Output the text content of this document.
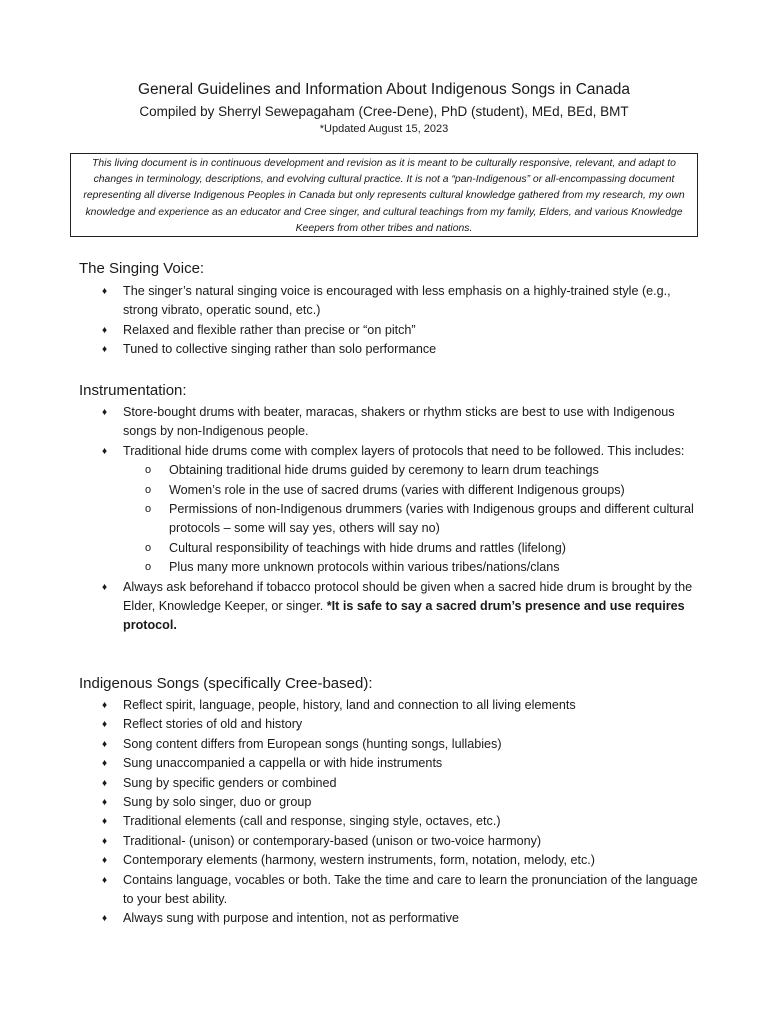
General Guidelines and Information About Indigenous Songs in Canada
Compiled by Sherryl Sewepagaham (Cree-Dene), PhD (student), MEd, BEd, BMT
*Updated August 15, 2023
This living document is in continuous development and revision as it is meant to be culturally responsive, relevant, and adapt to changes in terminology, descriptions, and evolving cultural practice. It is not a “pan-Indigenous” or all-encompassing document representing all diverse Indigenous Peoples in Canada but only represents cultural knowledge gathered from my research, my own knowledge and experience as an educator and Cree singer, and cultural teachings from my family, Elders, and various Knowledge Keepers from other tribes and nations.
The Singing Voice:
♦ The singer’s natural singing voice is encouraged with less emphasis on a highly-trained style (e.g., strong vibrato, operatic sound, etc.)
♦ Relaxed and flexible rather than precise or “on pitch”
♦ Tuned to collective singing rather than solo performance
Instrumentation:
♦ Store-bought drums with beater, maracas, shakers or rhythm sticks are best to use with Indigenous songs by non-Indigenous people.
♦ Traditional hide drums come with complex layers of protocols that need to be followed. This includes:
o Obtaining traditional hide drums guided by ceremony to learn drum teachings
o Women’s role in the use of sacred drums (varies with different Indigenous groups)
o Permissions of non-Indigenous drummers (varies with Indigenous groups and different cultural protocols – some will say yes, others will say no)
o Cultural responsibility of teachings with hide drums and rattles (lifelong)
o Plus many more unknown protocols within various tribes/nations/clans
♦ Always ask beforehand if tobacco protocol should be given when a sacred hide drum is brought by the Elder, Knowledge Keeper, or singer. *It is safe to say a sacred drum’s presence and use requires protocol.
Indigenous Songs (specifically Cree-based):
♦ Reflect spirit, language, people, history, land and connection to all living elements
♦ Reflect stories of old and history
♦ Song content differs from European songs (hunting songs, lullabies)
♦ Sung unaccompanied a cappella or with hide instruments
♦ Sung by specific genders or combined
♦ Sung by solo singer, duo or group
♦ Traditional elements (call and response, singing style, octaves, etc.)
♦ Traditional- (unison) or contemporary-based (unison or two-voice harmony)
♦ Contemporary elements (harmony, western instruments, form, notation, melody, etc.)
♦ Contains language, vocables or both. Take the time and care to learn the pronunciation of the language to your best ability.
♦ Always sung with purpose and intention, not as performative
